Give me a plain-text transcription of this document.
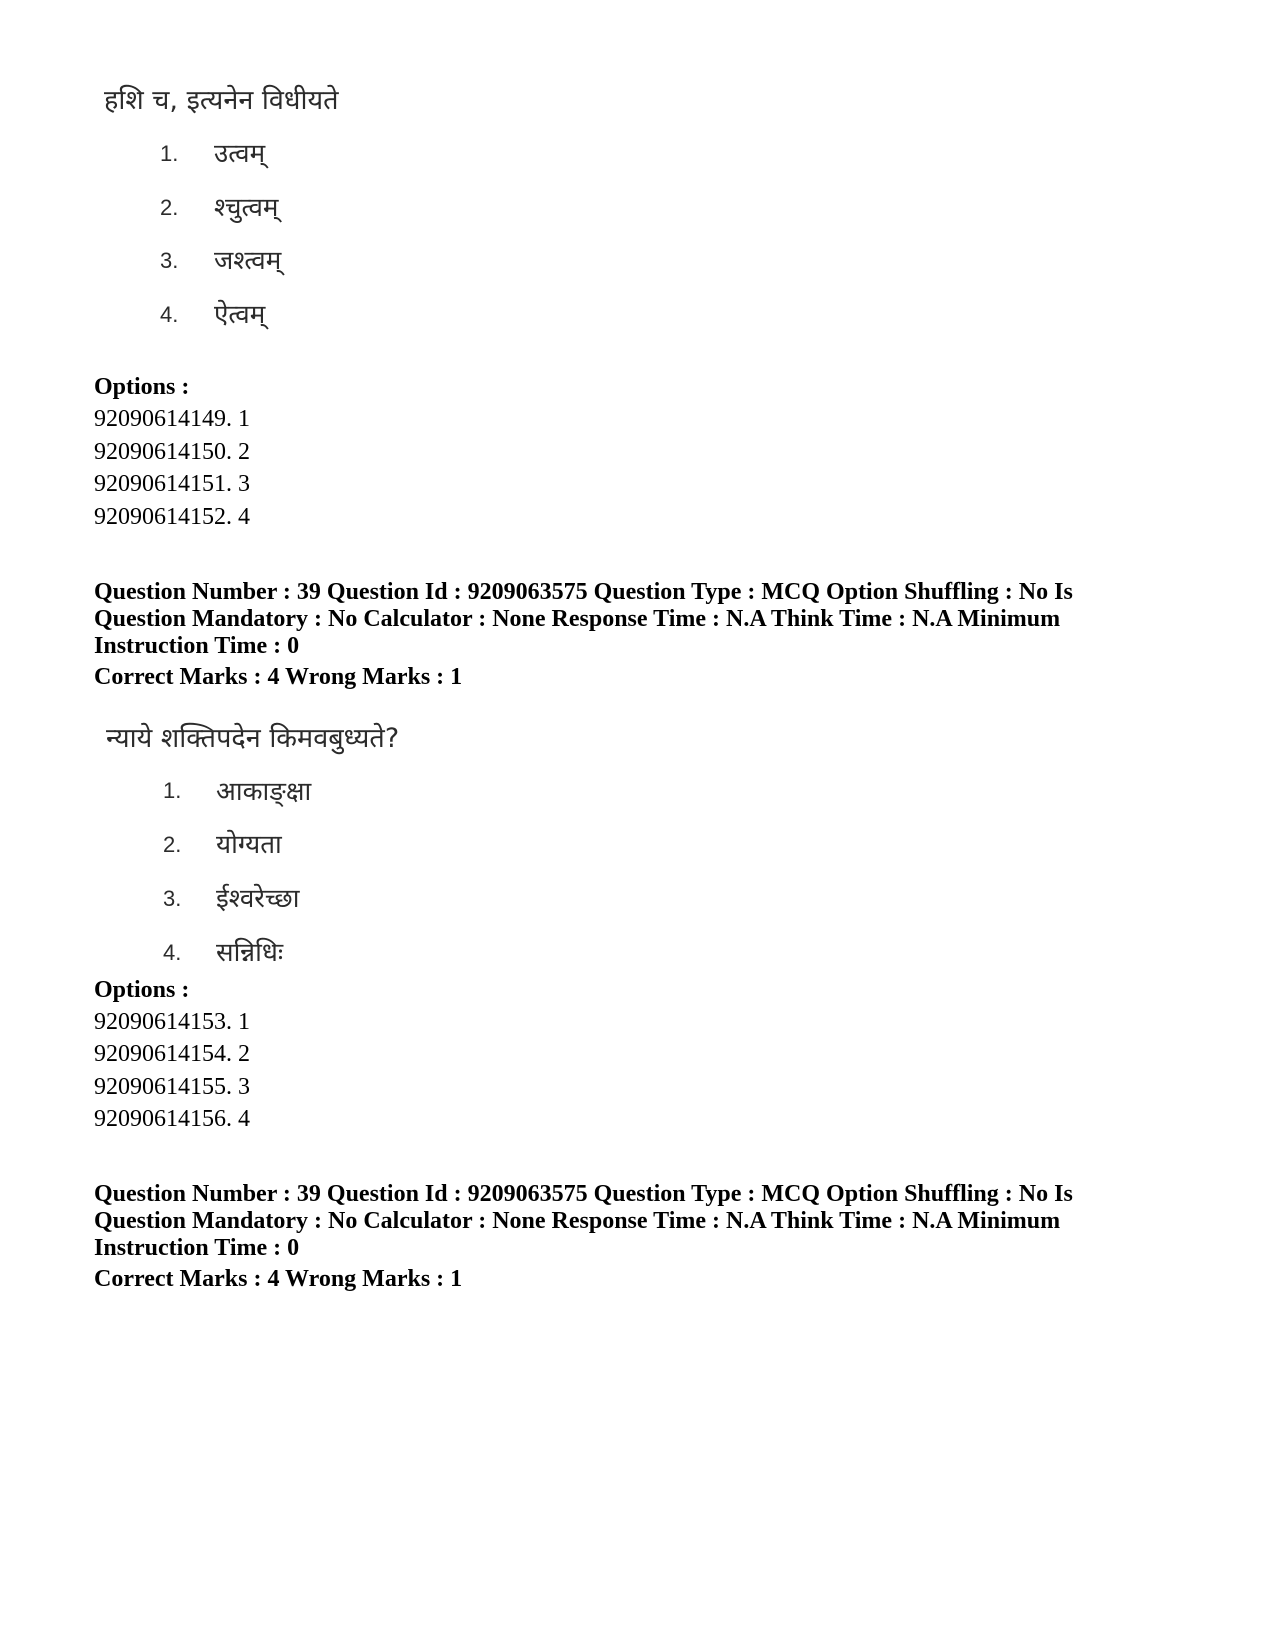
हशि च, इत्यनेन विधीयते
1. उत्वम्
2. श्चुत्वम्
3. जश्त्वम्
4. ऐत्वम्
Options :
92090614149. 1
92090614150. 2
92090614151. 3
92090614152. 4
Question Number : 39 Question Id : 9209063575 Question Type : MCQ Option Shuffling : No Is Question Mandatory : No Calculator : None Response Time : N.A Think Time : N.A Minimum Instruction Time : 0
Correct Marks : 4 Wrong Marks : 1
न्याये शक्तिपदेन किमवबुध्यते?
1. आकाङ्क्षा
2. योग्यता
3. ईश्वरेच्छा
4. सन्निधिः
Options :
92090614153. 1
92090614154. 2
92090614155. 3
92090614156. 4
Question Number : 39 Question Id : 9209063575 Question Type : MCQ Option Shuffling : No Is Question Mandatory : No Calculator : None Response Time : N.A Think Time : N.A Minimum Instruction Time : 0
Correct Marks : 4 Wrong Marks : 1
